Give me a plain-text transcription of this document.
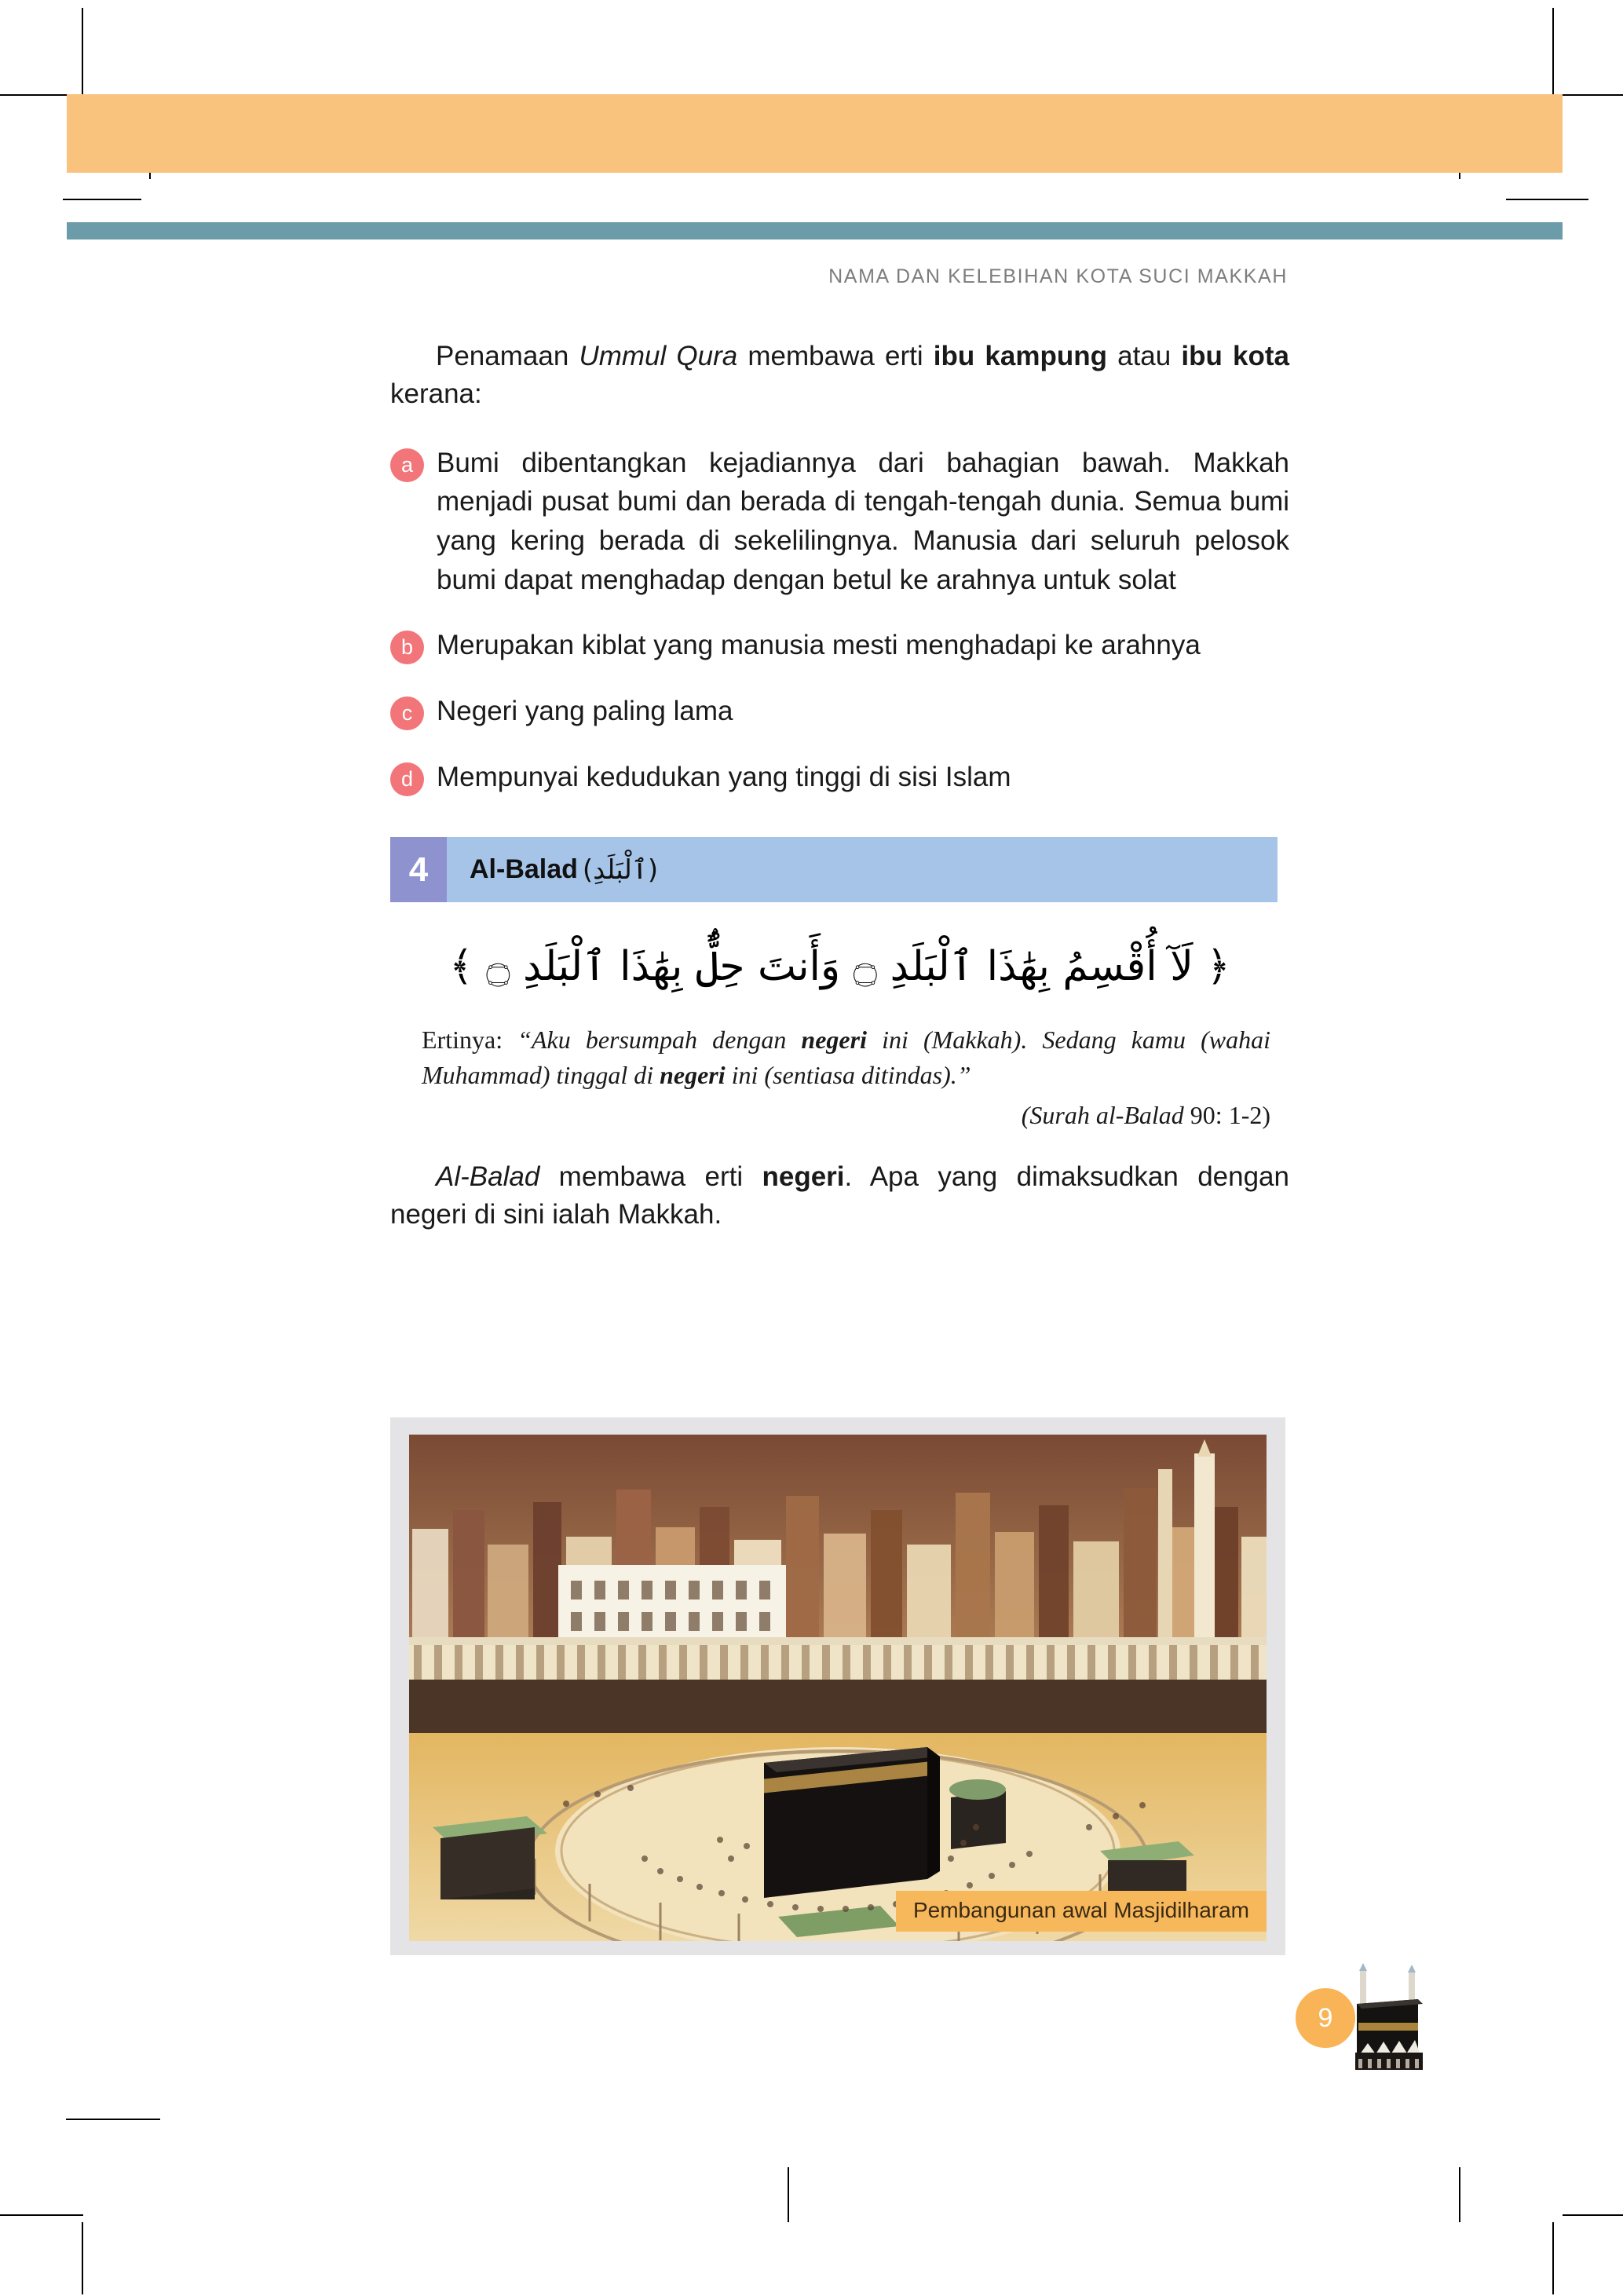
NAMA DAN KELEBIHAN KOTA SUCI MAKKAH

Penamaan Ummul Qura membawa erti ibu kampung atau ibu kota kerana:

a Bumi dibentangkan kejadiannya dari bahagian bawah. Makkah menjadi pusat bumi dan berada di tengah-tengah dunia. Semua bumi yang kering berada di sekelilingnya. Manusia dari seluruh pelosok bumi dapat menghadap dengan betul ke arahnya untuk solat
b Merupakan kiblat yang manusia mesti menghadapi ke arahnya
c Negeri yang paling lama
d Mempunyai kedudukan yang tinggi di sisi Islam
4	Al-Balad (ٱلْبَلَدِ)
﴿ لَآ أُقْسِمُ بِهَٰذَا ٱلْبَلَدِ ۝ وَأَنتَ حِلٌّۢ بِهَٰذَا ٱلْبَلَدِ ۝ ﴾
Ertinya: “Aku bersumpah dengan negeri ini (Makkah). Sedang kamu (wahai Muhammad) tinggal di negeri ini (sentiasa ditindas).”
(Surah al-Balad 90: 1-2)

Al-Balad membawa erti negeri. Apa yang dimaksudkan dengan negeri di sini ialah Makkah.

Pembangunan awal Masjidilharam
9
